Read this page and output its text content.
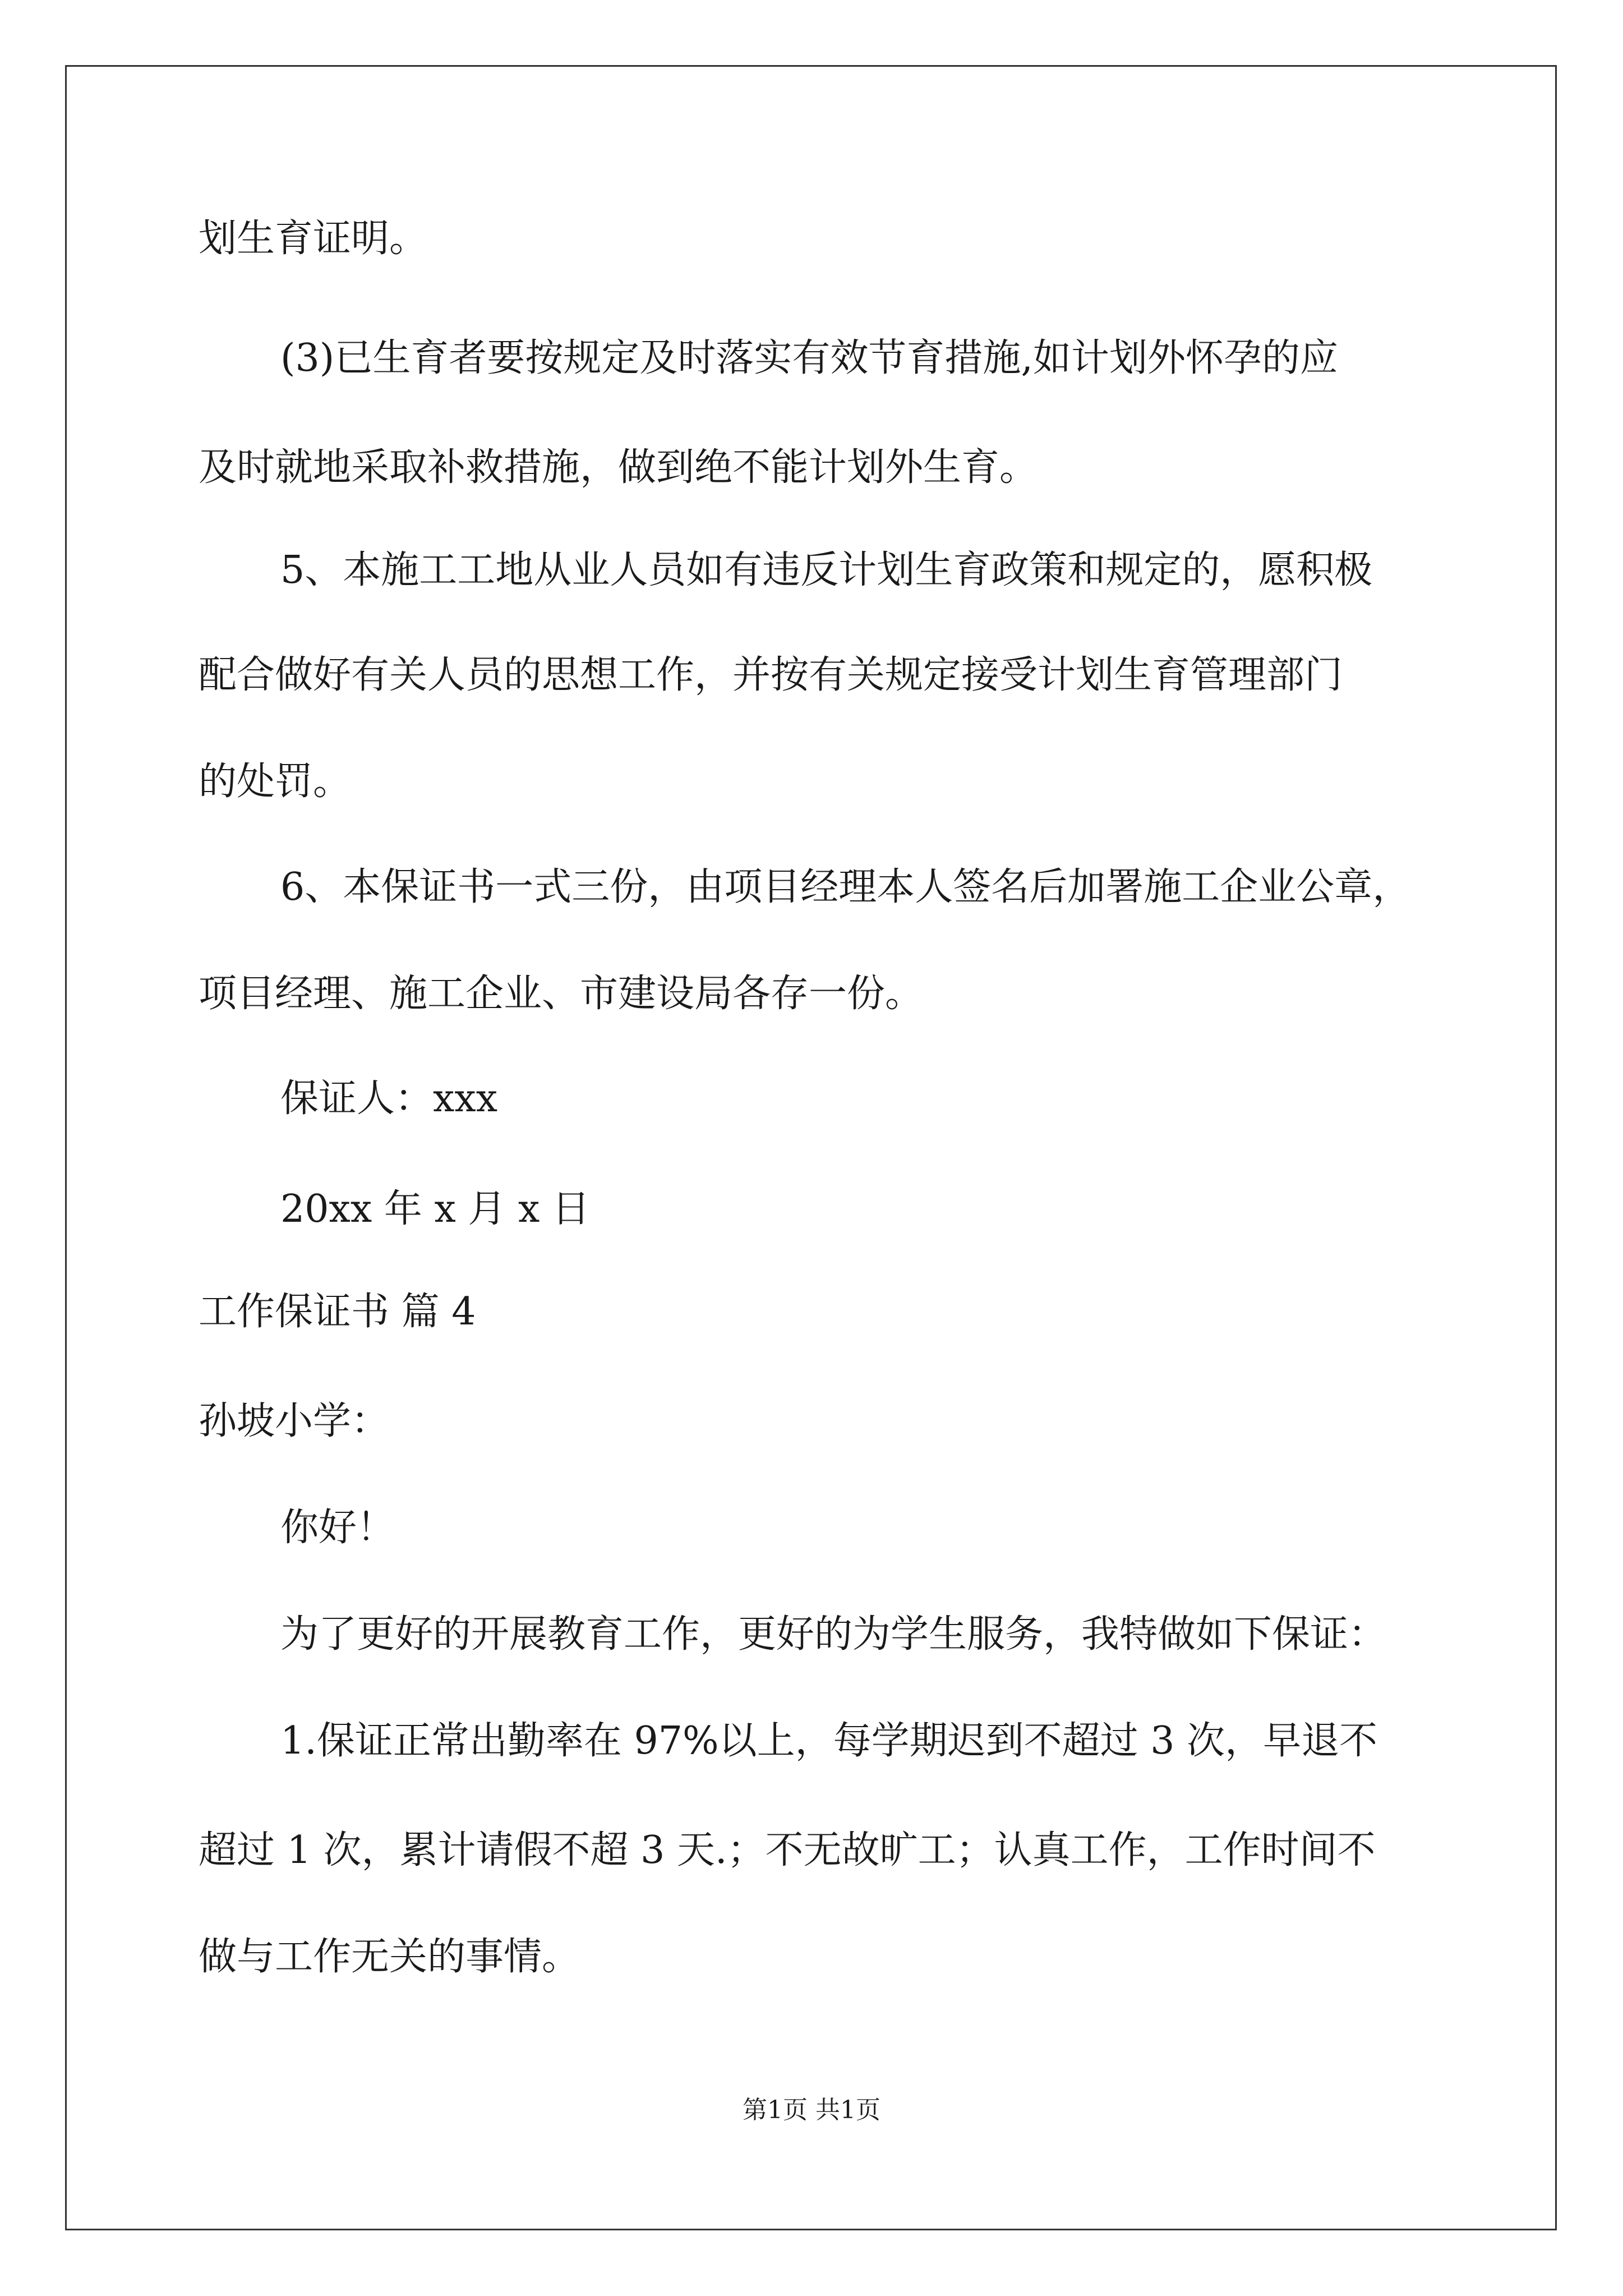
划生育证明。
(3)已生育者要按规定及时落实有效节育措施,如计划外怀孕的应
及时就地采取补救措施，做到绝不能计划外生育。
5、本施工工地从业人员如有违反计划生育政策和规定的，愿积极
配合做好有关人员的思想工作，并按有关规定接受计划生育管理部门
的处罚。
6、本保证书一式三份，由项目经理本人签名后加署施工企业公章，
项目经理、施工企业、市建设局各存一份。
保证人：xxx
20xx 年 x 月 x 日
工作保证书 篇 4
孙坡小学：
你好！
为了更好的开展教育工作，更好的为学生服务，我特做如下保证：
1.保证正常出勤率在 97%以上，每学期迟到不超过 3 次，早退不
超过 1 次，累计请假不超 3 天.；不无故旷工；认真工作，工作时间不
做与工作无关的事情。
第1页 共1页
